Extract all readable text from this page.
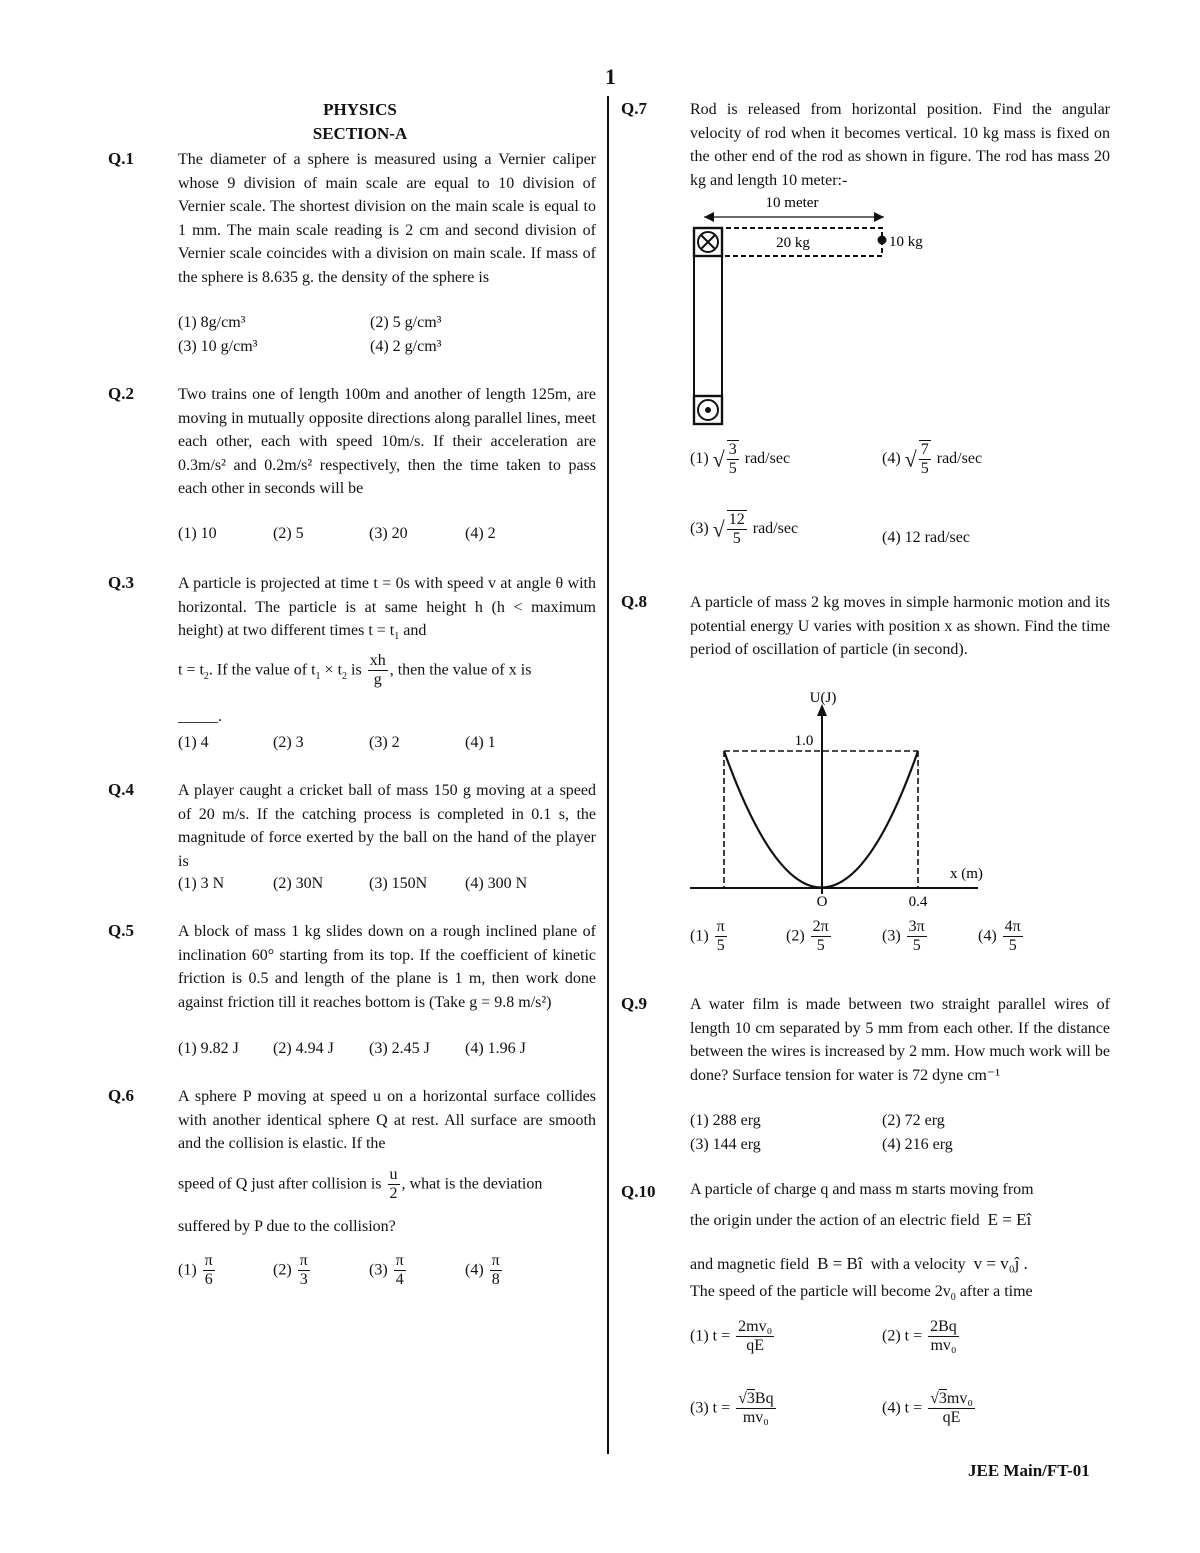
1
PHYSICS
SECTION-A
Q.1	The diameter of a sphere is measured using a Vernier caliper whose 9 division of main scale are equal to 10 division of Vernier scale. The shortest division on the main scale is equal to 1 mm. The main scale reading is 2 cm and second division of Vernier scale coincides with a division on main scale. If mass of the sphere is 8.635 g. the density of the sphere is
(1) 8g/cm³	(2) 5 g/cm³
(3) 10 g/cm³	(4) 2 g/cm³
Q.2	Two trains one of length 100m and another of length 125m, are moving in mutually opposite directions along parallel lines, meet each other, each with speed 10m/s. If their acceleration are 0.3m/s² and 0.2m/s² respectively, then the time taken to pass each other in seconds will be
(1) 10	(2) 5	(3) 20	(4) 2
Q.3	A particle is projected at time t = 0s with speed v at angle θ with horizontal. The particle is at same height h (h < maximum height) at two different times $t = t_1$ and
$t = t_2$. If the value of $t_1 \times t_2$ is $\frac{xh}{g}$ , then the value of x is
_____.
(1) 4	(2) 3	(3) 2	(4) 1
Q.4	A player caught a cricket ball of mass 150 g moving at a speed of 20 m/s. If the catching process is completed in 0.1 s, the magnitude of force exerted by the ball on the hand of the player is
(1) 3 N	(2) 30N	(3) 150N (4) 300 N
Q.5	A block of mass 1 kg slides down on a rough inclined plane of inclination 60° starting from its top. If the coefficient of kinetic friction is 0.5 and length of the plane is 1 m, then work done against friction till it reaches bottom is (Take g = 9.8 m/s²)
(1) 9.82 J (2) 4.94 J (3) 2.45 J (4) 1.96 J
Q.6	A sphere P moving at speed u on a horizontal surface collides with another identical sphere Q at rest. All surface are smooth and the collision is elastic. If the
speed of Q just after collision is $\frac{u}{2}$ , what is the deviation
suffered by P due to the collision?
$(1) \frac{\pi}{6}$	$(2) \frac{\pi}{3}$	$(3) \frac{\pi}{4}$	$(4) \frac{\pi}{8}$
Q.7	Rod is released from horizontal position. Find the angular velocity of rod when it becomes vertical. 10 kg mass is fixed on the other end of the rod as shown in figure. The rod has mass 20 kg and length 10 meter:-
10 meter
20 kg	10 kg
(1) √ $\frac{3}{5} rad/\sec$	(4) √ $\frac{7}{5} rad/\sec$
(3) √ $\frac{12}{5} rad/\sec$
(4) 12 rad/sec
Q.8	A particle of mass 2 kg moves in simple harmonic motion and its potential energy U varies with position x as shown. Find the time period of oscillation of particle (in second).
U(J)
x (m)
1.0
O	0.4
$(1) \frac{\pi}{5}$	$(2) \frac{2\pi}{5}$	$(3) \frac{3\pi}{5}$	$(4) \frac{4\pi}{5}$
Q.9	A water film is made between two straight parallel wires of length 10 cm separated by 5 mm from each other. If the distance between the wires is increased by 2 mm. How much work will be done? Surface tension for water is 72 dyne cm⁻¹
(1) 288 erg	(2) 72 erg
(3) 144 erg	(4) 216 erg
Q.10 A particle of charge q and mass m starts moving from
the origin under the action of an electric field E = Eî
and magnetic field B = Bî with a velocity v = v₀ĵ .
The speed of the particle will become $2v_0$ after a time
(1) $t = \frac{\text{2mv₀}}{qE}$	(2) $t = \frac{2Bq}{\text{mv₀}}$
(3) $t = \frac{√3Bq}{\text{mv₀}}$	(4) $t = \frac{\text{√3mv₀}}{qE}$
JEE Main/FT-01
